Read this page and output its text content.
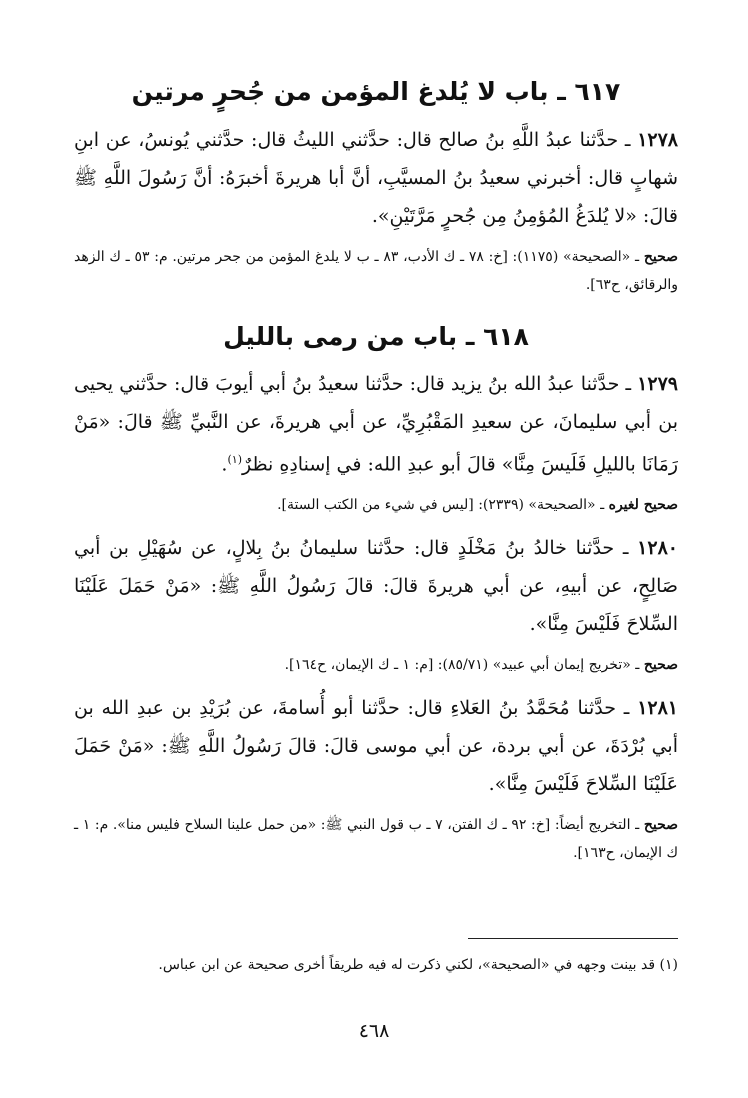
٦١٧ ـ باب لا يُلدغ المؤمن من جُحرٍ مرتين

١٢٧٨ ـ حدَّثنا عبدُ اللَّهِ بنُ صالح قال: حدَّثني الليثُ قال: حدَّثني يُونسُ، عن ابنِ شهابٍ قال: أخبرني سعيدُ بنُ المسيَّبِ، أنَّ أبا هريرةَ أخبرَهُ: أنَّ رَسُولَ اللَّهِ ﷺ قالَ: «لا يُلدَغُ المُؤمِنُ مِن جُحرٍ مَرَّتَيْنِ».

صحيح ـ «الصحيحة» (١١٧٥): [خ: ٧٨ ـ ك الأدب، ٨٣ ـ ب لا يلدغ المؤمن من جحر مرتين. م: ٥٣ ـ ك الزهد والرقائق، ح٦٣].

٦١٨ ـ باب من رمى بالليل

١٢٧٩ ـ حدَّثنا عبدُ الله بنُ يزيد قال: حدَّثنا سعيدُ بنُ أبي أيوبَ قال: حدَّثني يحيى بن أبي سليمانَ، عن سعيدِ المَقْبُرِيِّ، عن أبي هريرةَ، عن النَّبيِّ ﷺ قالَ: «مَنْ رَمَانَا بالليلِ فَلَيسَ مِنَّا» قالَ أبو عبدِ الله: في إسنادِهِ نظرٌ$^{(١)}$.

صحيح لغيره ـ «الصحيحة» (٢٣٣٩): [ليس في شيء من الكتب الستة].

١٢٨٠ ـ حدَّثنا خالدُ بنُ مَخْلَدٍ قال: حدَّثنا سليمانُ بنُ بِلالٍ، عن سُهَيْلِ بن أبي صَالِحٍ، عن أبيهِ، عن أبي هريرةَ قالَ: قالَ رَسُولُ اللَّهِ ﷺ: «مَنْ حَمَلَ عَلَيْنَا السِّلاحَ فَلَيْسَ مِنَّا».

صحيح ـ «تخريج إيمان أبي عبيد» (٨٥/٧١): [م: ١ ـ ك الإيمان، ح١٦٤].

١٢٨١ ـ حدَّثنا مُحَمَّدُ بنُ العَلاءِ قال: حدَّثنا أبو أُسامةَ، عن بُرَيْدِ بن عبدِ الله بن أبي بُرْدَةَ، عن أبي بردة، عن أبي موسى قالَ: قالَ رَسُولُ اللَّهِ ﷺ: «مَنْ حَمَلَ عَلَيْنَا السِّلاحَ فَلَيْسَ مِنَّا».

صحيح ـ التخريج أيضاً: [خ: ٩٢ ـ ك الفتن، ٧ ـ ب قول النبي ﷺ: «من حمل علينا السلاح فليس منا». م: ١ ـ ك الإيمان، ح١٦٣].

(١) قد بينت وجهه في «الصحيحة»، لكني ذكرت له فيه طريقاً أخرى صحيحة عن ابن عباس.
٤٦٨
